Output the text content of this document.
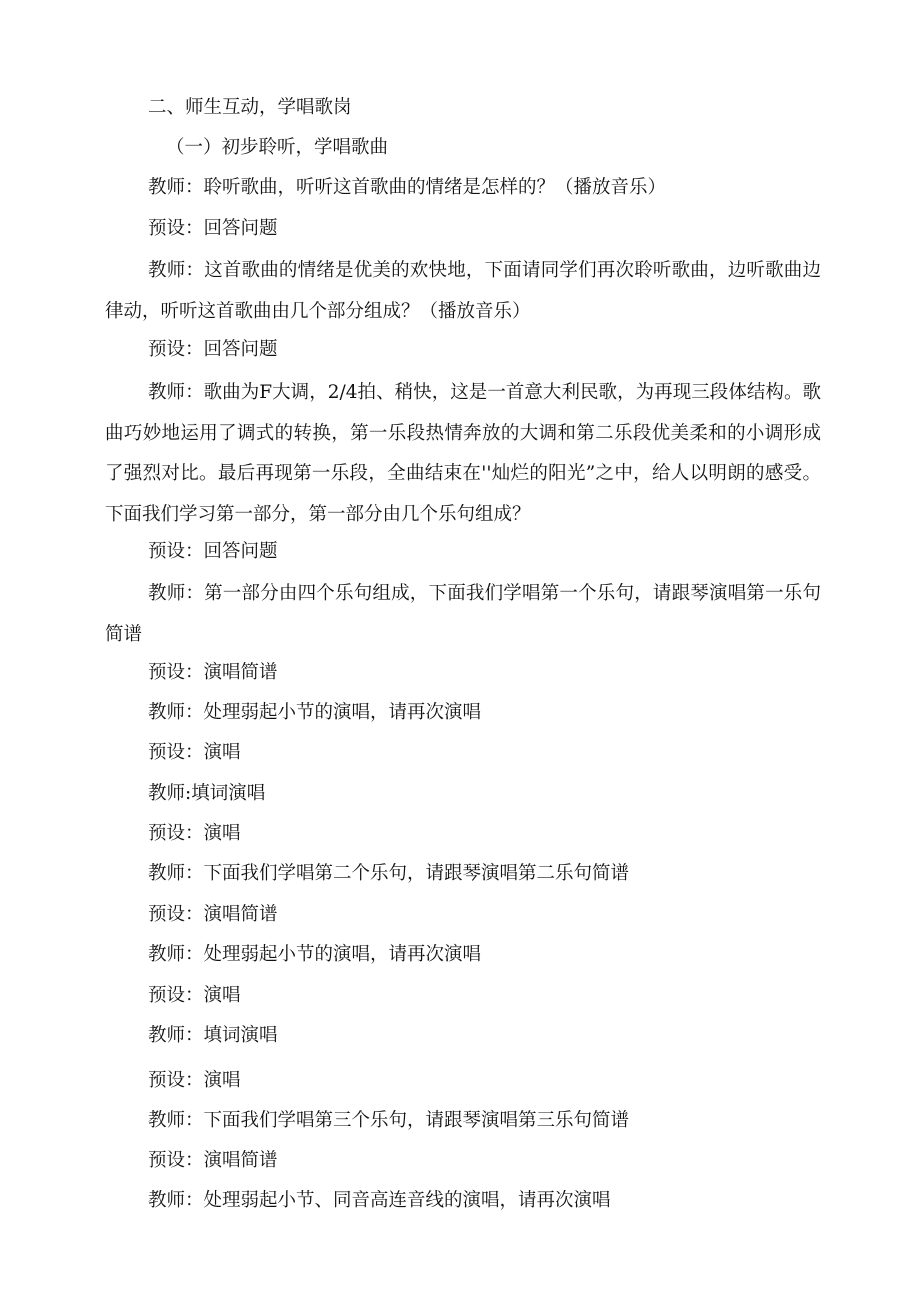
二、师生互动，学唱歌岗
（一）初步聆听，学唱歌曲
教师：聆听歌曲，听听这首歌曲的情绪是怎样的？（播放音乐）
预设：回答问题
教师：这首歌曲的情绪是优美的欢快地，下面请同学们再次聆听歌曲，边听歌曲边律动，听听这首歌曲由几个部分组成？（播放音乐）
预设：回答问题
教师：歌曲为F大调，2/4拍、稍快，这是一首意大利民歌，为再现三段体结构。歌曲巧妙地运用了调式的转换，第一乐段热情奔放的大调和第二乐段优美柔和的小调形成了强烈对比。最后再现第一乐段，全曲结束在''灿烂的阳光”之中，给人以明朗的感受。下面我们学习第一部分，第一部分由几个乐句组成？
预设：回答问题
教师：第一部分由四个乐句组成，下面我们学唱第一个乐句，请跟琴演唱第一乐句简谱
预设：演唱简谱
教师：处理弱起小节的演唱，请再次演唱
预设：演唱
教师:填词演唱
预设：演唱
教师：下面我们学唱第二个乐句，请跟琴演唱第二乐句简谱
预设：演唱简谱
教师：处理弱起小节的演唱，请再次演唱
预设：演唱
教师：填词演唱
预设：演唱
教师：下面我们学唱第三个乐句，请跟琴演唱第三乐句简谱
预设：演唱简谱
教师：处理弱起小节、同音高连音线的演唱，请再次演唱
